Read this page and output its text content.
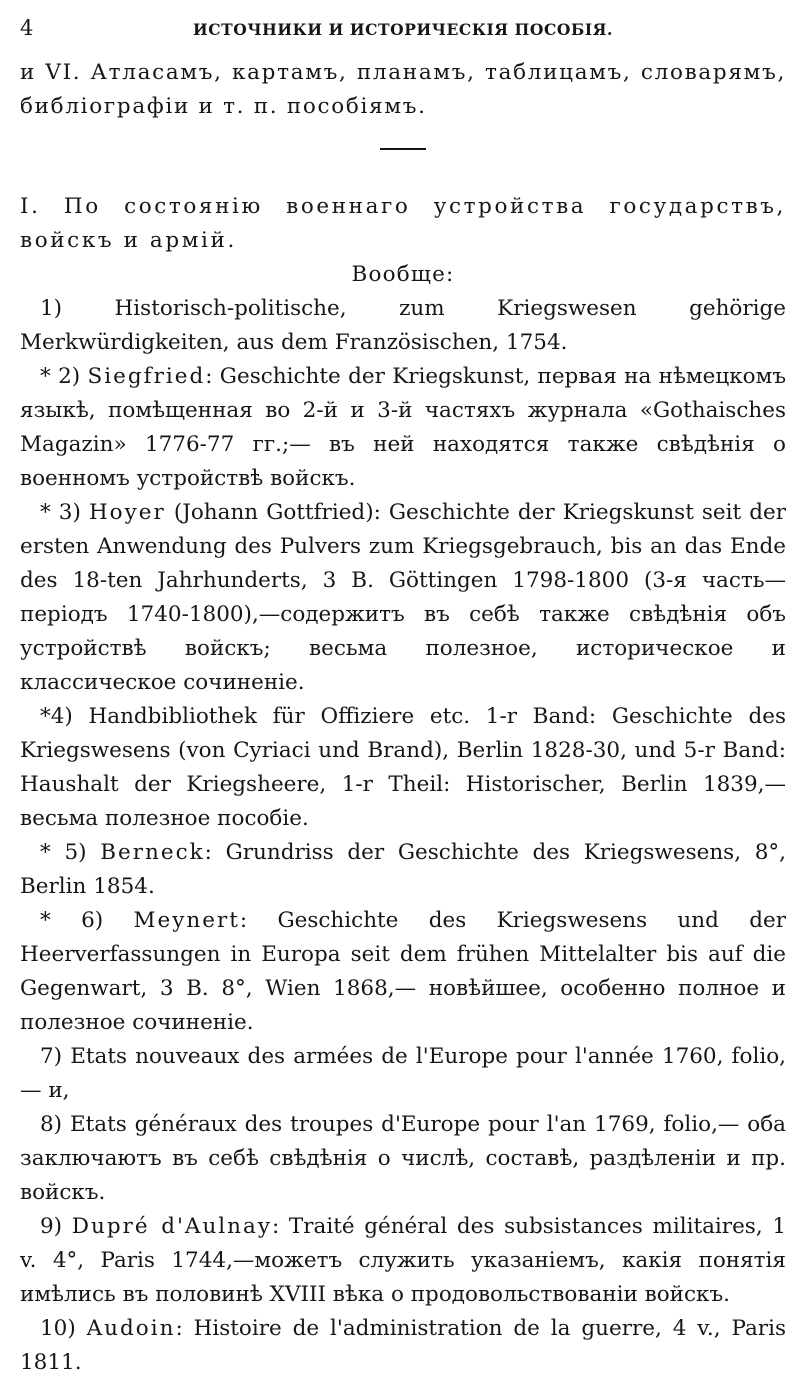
4	ИСТОЧНИКИ И ИСТОРИЧЕСКІЯ ПОСОБІЯ.

и VI. Атласамъ, картамъ, планамъ, таблицамъ, словарямъ, библіографіи и т. п. пособіямъ.

I. По состоянію военнаго устройства государствъ, войскъ и армій.

Вообще:

1) Historisch-politische, zum Kriegswesen gehörige Merkwürdigkeiten, aus dem Französischen, 1754.

* 2) Siegfried: Geschichte der Kriegskunst, первая на нѣмецкомъ языкѣ, помѣщенная во 2-й и 3-й частяхъ журнала «Gothaisches Magazin» 1776-77 гг.;— въ ней находятся также свѣдѣнія о военномъ устройствѣ войскъ.

* 3) Hoyer (Johann Gottfried): Geschichte der Kriegskunst seit der ersten Anwendung des Pulvers zum Kriegsgebrauch, bis an das Ende des 18-ten Jahrhunderts, 3 B. Göttingen 1798-1800 (3-я часть— періодъ 1740-1800),—содержитъ въ себѣ также свѣдѣнія объ устройствѣ войскъ; весьма полезное, историческое и классическое сочиненіе.

*4) Handbibliothek für Offiziere etc. 1-r Band: Geschichte des Kriegswesens (von Cyriaci und Brand), Berlin 1828-30, und 5-r Band: Haushalt der Kriegsheere, 1-r Theil: Historischer, Berlin 1839,— весьма полезное пособіе.

* 5) Berneck: Grundriss der Geschichte des Kriegswesens, 8°, Berlin 1854.

* 6) Meynert: Geschichte des Kriegswesens und der Heerverfassungen in Europa seit dem frühen Mittelalter bis auf die Gegenwart, 3 B. 8°, Wien 1868,— новѣйшее, особенно полное и полезное сочиненіе.

7) Etats nouveaux des armées de l'Europe pour l'année 1760, folio, — и,

8) Etats généraux des troupes d'Europe pour l'an 1769, folio,— оба заключаютъ въ себѣ свѣдѣнія о числѣ, составѣ, раздѣленіи и пр. войскъ.

9) Dupré d'Aulnay: Traité général des subsistances militaires, 1 v. 4°, Paris 1744,—можетъ служить указаніемъ, какія понятія имѣлись въ половинѣ XVIII вѣка о продовольствованіи войскъ.

10) Audoin: Histoire de l'administration de la guerre, 4 v., Paris 1811.
